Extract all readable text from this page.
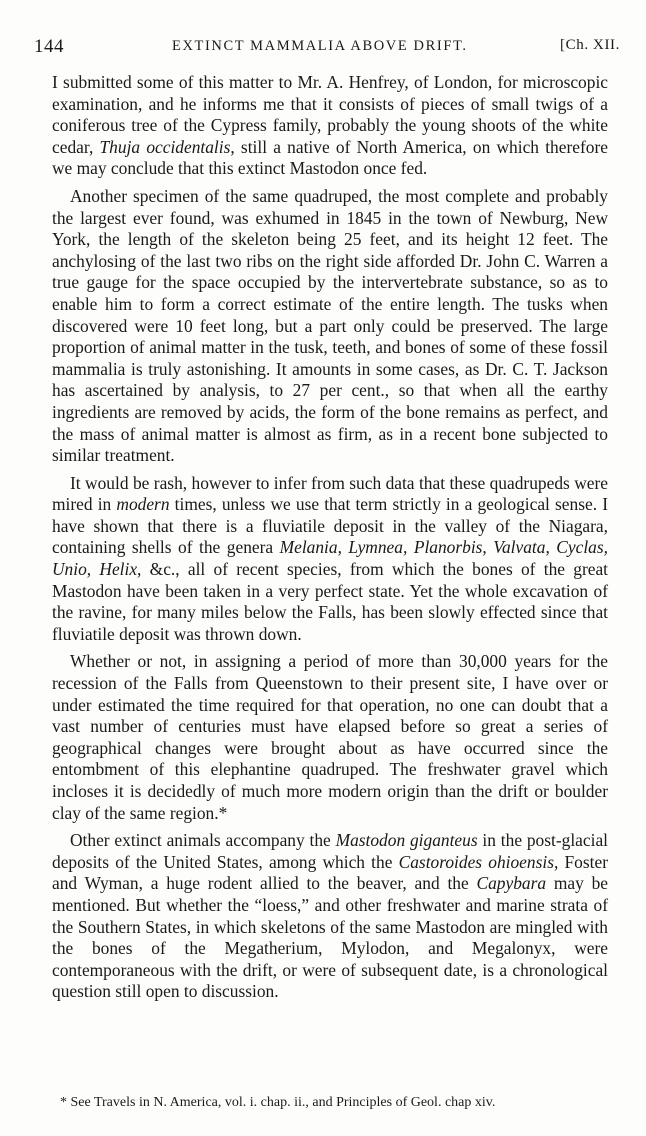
144	EXTINCT MAMMALIA ABOVE DRIFT.	[Ch. XII.

I submitted some of this matter to Mr. A. Henfrey, of London, for microscopic examination, and he informs me that it consists of pieces of small twigs of a coniferous tree of the Cypress family, probably the young shoots of the white cedar, Thuja occidentalis, still a native of North America, on which therefore we may conclude that this extinct Mastodon once fed.

Another specimen of the same quadruped, the most complete and probably the largest ever found, was exhumed in 1845 in the town of Newburg, New York, the length of the skeleton being 25 feet, and its height 12 feet. The anchylosing of the last two ribs on the right side afforded Dr. John C. Warren a true gauge for the space occupied by the intervertebrate substance, so as to enable him to form a correct estimate of the entire length. The tusks when discovered were 10 feet long, but a part only could be preserved. The large proportion of animal matter in the tusk, teeth, and bones of some of these fossil mammalia is truly astonishing. It amounts in some cases, as Dr. C. T. Jackson has ascertained by analysis, to 27 per cent., so that when all the earthy ingredients are removed by acids, the form of the bone remains as perfect, and the mass of animal matter is almost as firm, as in a recent bone subjected to similar treatment.

It would be rash, however to infer from such data that these quadrupeds were mired in modern times, unless we use that term strictly in a geological sense. I have shown that there is a fluviatile deposit in the valley of the Niagara, containing shells of the genera Melania, Lymnea, Planorbis, Valvata, Cyclas, Unio, Helix, &c., all of recent species, from which the bones of the great Mastodon have been taken in a very perfect state. Yet the whole excavation of the ravine, for many miles below the Falls, has been slowly effected since that fluviatile deposit was thrown down.

Whether or not, in assigning a period of more than 30,000 years for the recession of the Falls from Queenstown to their present site, I have over or under estimated the time required for that operation, no one can doubt that a vast number of centuries must have elapsed before so great a series of geographical changes were brought about as have occurred since the entombment of this elephantine quadruped. The freshwater gravel which incloses it is decidedly of much more modern origin than the drift or boulder clay of the same region.*

Other extinct animals accompany the Mastodon giganteus in the post-glacial deposits of the United States, among which the Castoroides ohioensis, Foster and Wyman, a huge rodent allied to the beaver, and the Capybara may be mentioned. But whether the “loess,” and other freshwater and marine strata of the Southern States, in which skeletons of the same Mastodon are mingled with the bones of the Megatherium, Mylodon, and Megalonyx, were contemporaneous with the drift, or were of subsequent date, is a chronological question still open to discussion.

* See Travels in N. America, vol. i. chap. ii., and Principles of Geol. chap xiv.
